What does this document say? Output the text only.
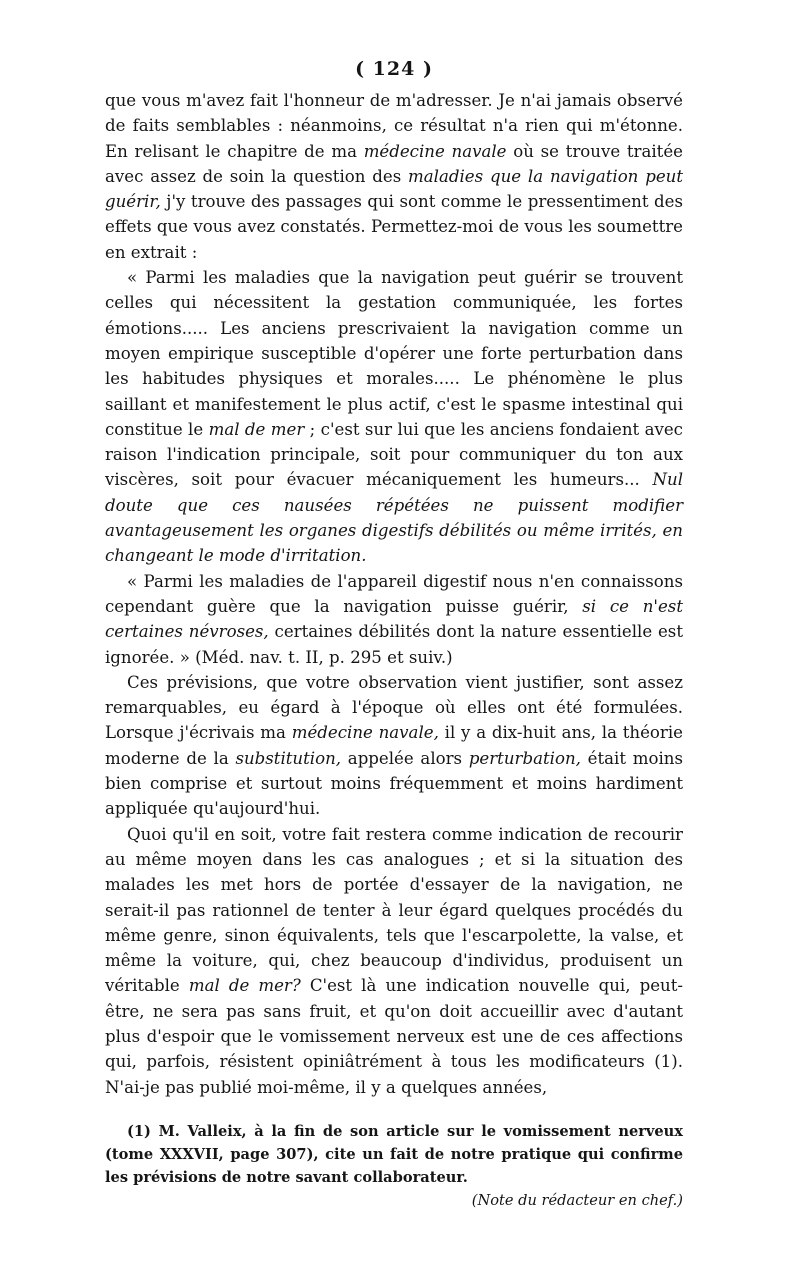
( 124 )

que vous m'avez fait l'honneur de m'adresser. Je n'ai jamais observé de faits semblables : néanmoins, ce résultat n'a rien qui m'étonne. En relisant le chapitre de ma médecine navale où se trouve traitée avec assez de soin la question des maladies que la navigation peut guérir, j'y trouve des passages qui sont comme le pressentiment des effets que vous avez constatés. Permettez-moi de vous les soumettre en extrait :

« Parmi les maladies que la navigation peut guérir se trouvent celles qui nécessitent la gestation communiquée, les fortes émotions..... Les anciens prescrivaient la navigation comme un moyen empirique susceptible d'opérer une forte perturbation dans les habitudes physiques et morales..... Le phénomène le plus saillant et manifestement le plus actif, c'est le spasme intestinal qui constitue le mal de mer ; c'est sur lui que les anciens fondaient avec raison l'indication principale, soit pour communiquer du ton aux viscères, soit pour évacuer mécaniquement les humeurs... Nul doute que ces nausées répétées ne puissent modifier avantageusement les organes digestifs débilités ou même irrités, en changeant le mode d'irritation.

« Parmi les maladies de l'appareil digestif nous n'en connaissons cependant guère que la navigation puisse guérir, si ce n'est certaines névroses, certaines débilités dont la nature essentielle est ignorée. » (Méd. nav. t. II, p. 295 et suiv.)

Ces prévisions, que votre observation vient justifier, sont assez remarquables, eu égard à l'époque où elles ont été formulées. Lorsque j'écrivais ma médecine navale, il y a dix-huit ans, la théorie moderne de la substitution, appelée alors perturbation, était moins bien comprise et surtout moins fréquemment et moins hardiment appliquée qu'aujourd'hui.

Quoi qu'il en soit, votre fait restera comme indication de recourir au même moyen dans les cas analogues ; et si la situation des malades les met hors de portée d'essayer de la navigation, ne serait-il pas rationnel de tenter à leur égard quelques procédés du même genre, sinon équivalents, tels que l'escarpolette, la valse, et même la voiture, qui, chez beaucoup d'individus, produisent un véritable mal de mer? C'est là une indication nouvelle qui, peut-être, ne sera pas sans fruit, et qu'on doit accueillir avec d'autant plus d'espoir que le vomissement nerveux est une de ces affections qui, parfois, résistent opiniâtrément à tous les modificateurs (1). N'ai-je pas publié moi-même, il y a quelques années,

(1) M. Valleix, à la fin de son article sur le vomissement nerveux (tome XXXVII, page 307), cite un fait de notre pratique qui confirme les prévisions de notre savant collaborateur.
(Note du rédacteur en chef.)
